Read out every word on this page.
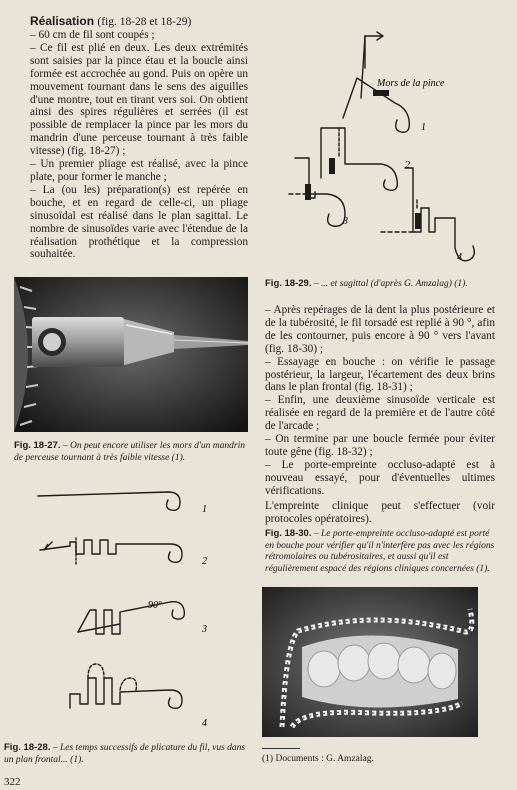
Réalisation (fig. 18-28 et 18-29)

– 60 cm de fil sont coupés ;

– Ce fil est plié en deux. Les deux extrémités sont saisies par la pince étau et la boucle ainsi formée est accrochée au gond. Puis on opère un mouvement tournant dans le sens des aiguilles d'une montre, tout en tirant vers soi. On obtient ainsi des spires régulières et serrées (il est possible de remplacer la pince par les mors du mandrin d'une perceuse tournant à très faible vitesse) (fig. 18-27) ;

– Un premier pliage est réalisé, avec la pince plate, pour former le manche ;

– La (ou les) préparation(s) est repérée en bouche, et en regard de celle-ci, un pliage sinusoïdal est réalisé dans le plan sagittal. Le nombre de sinusoïdes varie avec l'étendue de la réalisation prothétique et la compression souhaitée.

Fig. 18-27. – On peut encore utiliser les mors d'un mandrin de perceuse tournant à très faible vitesse (1).

90°
1
2
3
4

Fig. 18-28. – Les temps successifs de plicature du fil, vus dans un plan frontal... (1).

322
Mors de la pince
1
2
3
4

Fig. 18-29. – ... et sagittal (d'après G. Amzalag) (1).

– Après repérages de la dent la plus postérieure et de la tubérosité, le fil torsadé est replié à 90 °, afin de les contourner, puis encore à 90 ° vers l'avant (fig. 18-30) ;

– Essayage en bouche : on vérifie le passage postérieur, la largeur, l'écartement des deux brins dans le plan frontal (fig. 18-31) ;

– Enfin, une deuxième sinusoïde verticale est réalisée en regard de la première et de l'autre côté de l'arcade ;

– On termine par une boucle fermée pour éviter toute gêne (fig. 18-32) ;

– Le porte-empreinte occluso-adapté est à nouveau essayé, pour d'éventuelles ultimes vérifications.

L'empreinte clinique peut s'effectuer (voir protocoles opératoires).

Fig. 18-30. – Le porte-empreinte occluso-adapté est porté en bouche pour vérifier qu'il n'interfère pas avec les régions rétromolaires ou tubérositaires, et aussi qu'il est régulièrement espacé des régions cliniques concernées (1).

(1) Documents : G. Amzalag.
